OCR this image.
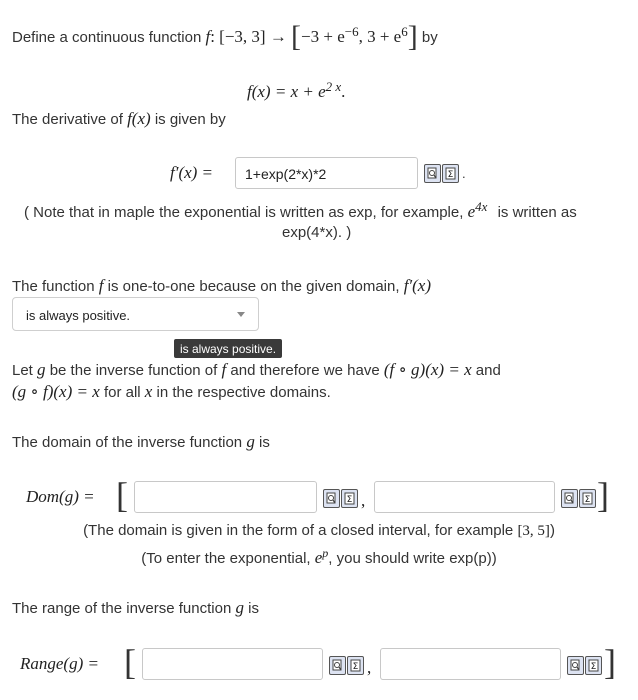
Define a continuous function f: [−3, $3] \to [-3 + e^{-6}$, $3 + e^6$] by
$f(x) = x + e^{2 x}$.
The derivative of f(x) is given by
f′(x) =	1+exp(2*x)*2	Σ .
( Note that in maple the exponential is written as exp, for example, $e^{4x}$ is written as
exp(4*x). )
The function f is one-to-one because on the given domain, f′(x)
is always positive.
is always positive.
Let g be the inverse function of f and therefore we have (f ∘ g)(x) = x and
(g ∘ f)(x) = x for all x in the respective domains.
The domain of the inverse function g is
Dom(g) = [	Σ ,	Σ ]
(The domain is given in the form of a closed interval, for example [3, 5])
(To enter the exponential, $e^p$, you should write exp(p))
The range of the inverse function g is
Range(g) = [	Σ ,	Σ ]
